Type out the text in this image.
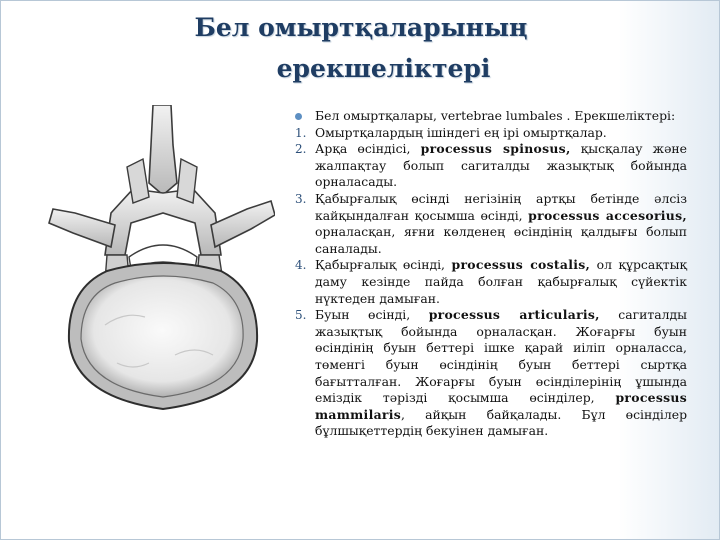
Бел омыртқаларының
ерекшеліктері
Бел омыртқалары, vertebrae lumbales . Ерекшеліктері:
1. Омыртқалардың ішіндегі ең ірі омыртқалар.
2. Арқа өсіндісі, processus spinosus, қысқалау және жалпақтау болып сагиталды жазықтық бойында орналасады.
3. Қабырғалық өсінді негізінің артқы бетінде әлсіз кайқындалған қосымша өсінді, processus accesorius, орналасқан, яғни көлденең өсіндінің қалдығы болып саналады.
4. Қабырғалық өсінді, processus costalis, ол құрсақтық даму кезінде пайда болған қабырғалық сүйектік нүктеден дамыған.
5. Буын өсінді, processus articularis, сагиталды жазықтық бойында орналасқан. Жоғарғы буын өсіндінің буын беттері ішке қарай иіліп орналасса, төменгі буын өсіндінің буын беттері сыртқа бағытталған. Жоғарғы буын өсінділерінің ұшында еміздік тәрізді қосымша өсінділер, processus mammilaris, айқын байқалады. Бұл өсінділер бұлшықеттердің бекуінен дамыған.
